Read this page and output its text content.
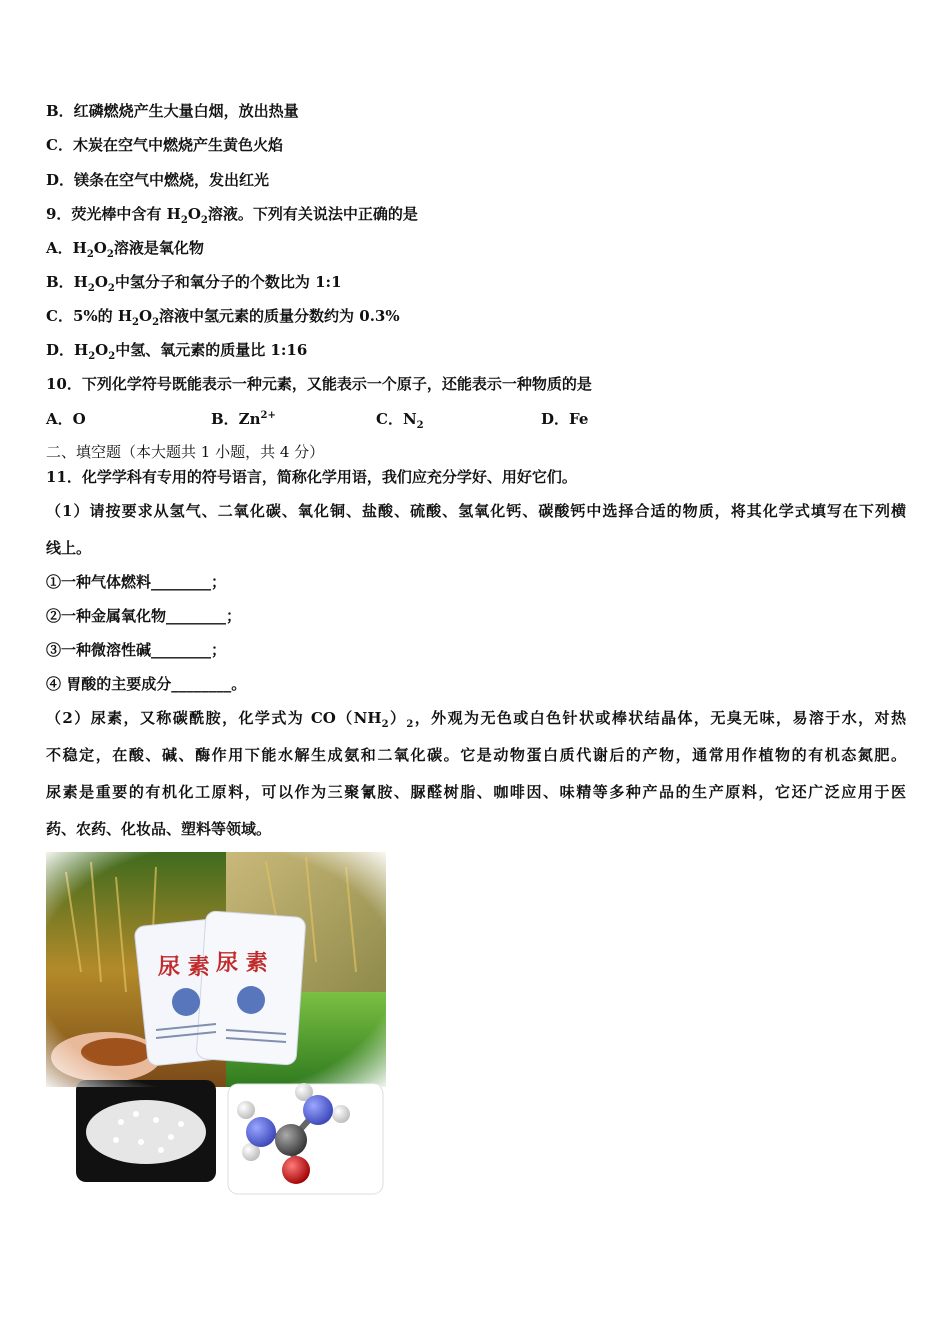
B．红磷燃烧产生大量白烟，放出热量
C．木炭在空气中燃烧产生黄色火焰
D．镁条在空气中燃烧，发出红光
9．荧光棒中含有 $H_2O_2$溶液。下列有关说法中正确的是
A．$H_2O_2$溶液是氧化物
B．$H_2O_2$中氢分子和氧分子的个数比为 1:1
C．5%的 $H_2O_2$溶液中氢元素的质量分数约为 0.3%
D．$H_2O_2$中氢、氧元素的质量比 1:16
10．下列化学符号既能表示一种元素，又能表示一个原子，还能表示一种物质的是
A．O	B．$Zn^{2+}$	C．$N_2$	D．Fe
二、填空题（本大题共 1 小题，共 4 分）
11．化学学科有专用的符号语言，简称化学用语，我们应充分学好、用好它们。
（1）请按要求从氢气、二氧化碳、氧化铜、盐酸、硫酸、氢氧化钙、碳酸钙中选择合适的物质，将其化学式填写在下列横
线上。
①一种气体燃料________；
②一种金属氧化物________；
③一种微溶性碱________；
④ 胃酸的主要成分________。
（2）尿素，又称碳酰胺，化学式为 $CO(NH_2)_2$，外观为无色或白色针状或棒状结晶体，无臭无味，易溶于水，对热
不稳定，在酸、碱、酶作用下能水解生成氨和二氧化碳。它是动物蛋白质代谢后的产物，通常用作植物的有机态氮肥。
尿素是重要的有机化工原料，可以作为三聚氰胺、脲醛树脂、咖啡因、味精等多种产品的生产原料，它还广泛应用于医
药、农药、化妆品、塑料等领域。
